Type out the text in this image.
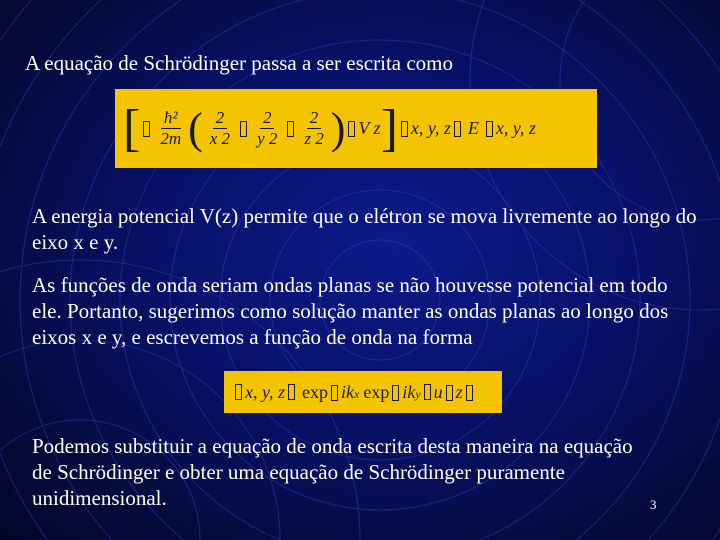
A equação de Schrödinger passa a ser escrita como
[ $\frac{\text{ħ²}}{2m}$ ( $\frac{2}{x 2} \frac{2}{y 2} \frac{2}{z 2}$ ) V z ] x, y, z E x, y, z
A energia potencial V(z) permite que o elétron se mova livremente ao longo do eixo x e y.
As funções de onda seriam ondas planas se não houvesse potencial em todo ele. Portanto, sugerimos como solução manter as ondas planas ao longo dos eixos x e y, e escrevemos a função de onda na forma
x, y, z exp ikx exp iky u z
Podemos substituir a equação de onda escrita desta maneira na equação de Schrödinger e obter uma equação de Schrödinger puramente unidimensional.	3
